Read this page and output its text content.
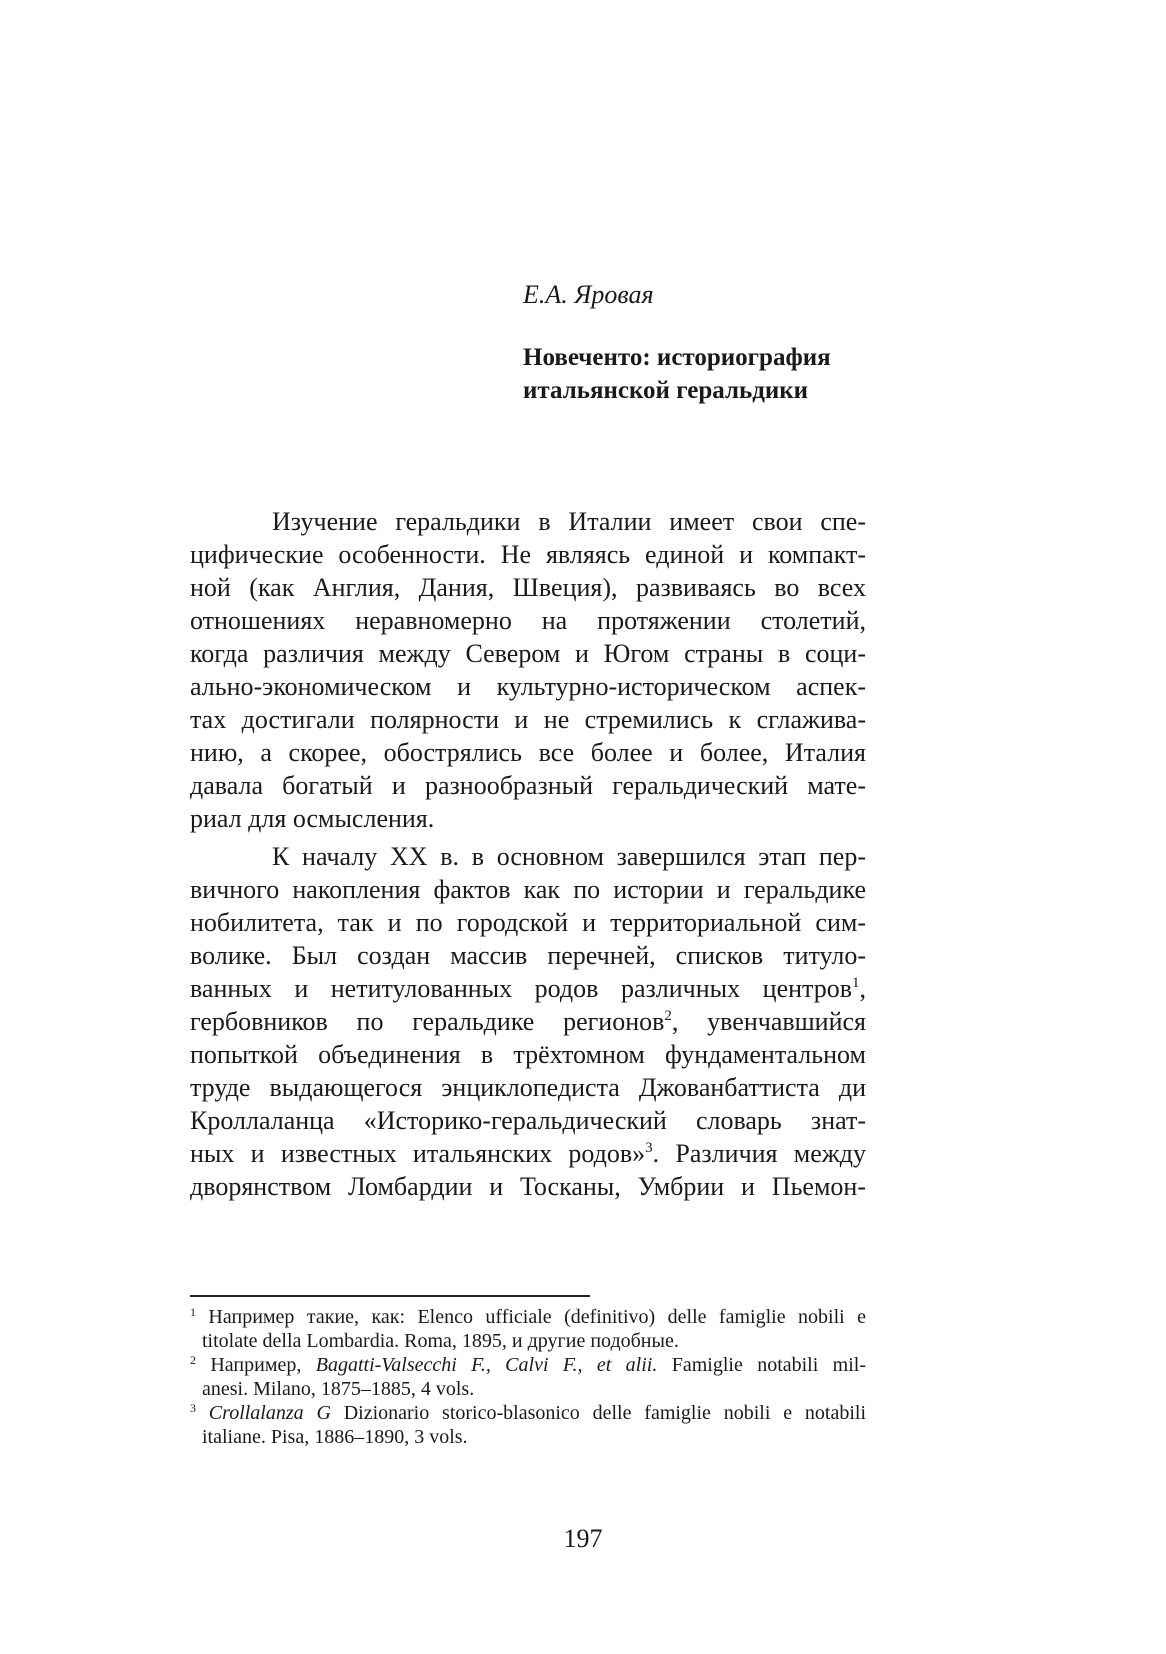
Е.А. Яровая

Новеченто: историография
итальянской геральдики

Изучение геральдики в Италии имеет свои спе-

цифические особенности. Не являясь единой и компакт-

ной (как Англия, Дания, Швеция), развиваясь во всех

отношениях неравномерно на протяжении столетий,

когда различия между Севером и Югом страны в соци-

ально-экономическом и культурно-историческом аспек-

тах достигали полярности и не стремились к сглажива-

нию, а скорее, обострялись все более и более, Италия

давала богатый и разнообразный геральдический мате-

риал для осмысления.

К началу XX в. в основном завершился этап пер-

вичного накопления фактов как по истории и геральдике

нобилитета, так и по городской и территориальной сим-

волике. Был создан массив перечней, списков титуло-

ванных и нетитулованных родов различных центров$^1$,

гербовников по геральдике регионов$^2$, увенчавшийся

попыткой объединения в трёхтомном фундаментальном

труде выдающегося энциклопедиста Джованбаттиста ди

Кроллаланца «Историко-геральдический словарь знат-

ных и известных итальянских родов»$^3$. Различия между

дворянством Ломбардии и Тосканы, Умбрии и Пьемон-

$^1$ Например такие, как: Elenco ufficiale (definitivo) delle famiglie nobili e

titolate della Lombardia. Roma, 1895, и другие подобные.

$^2$ Например, Bagatti-Valsecchi F., Calvi F., et alii. Famiglie notabili mil-

anesi. Milano, 1875–1885, 4 vols.

$^3$ Crollalanza G Dizionario storico-blasonico delle famiglie nobili e notabili

italiane. Pisa, 1886–1890, 3 vols.

197
